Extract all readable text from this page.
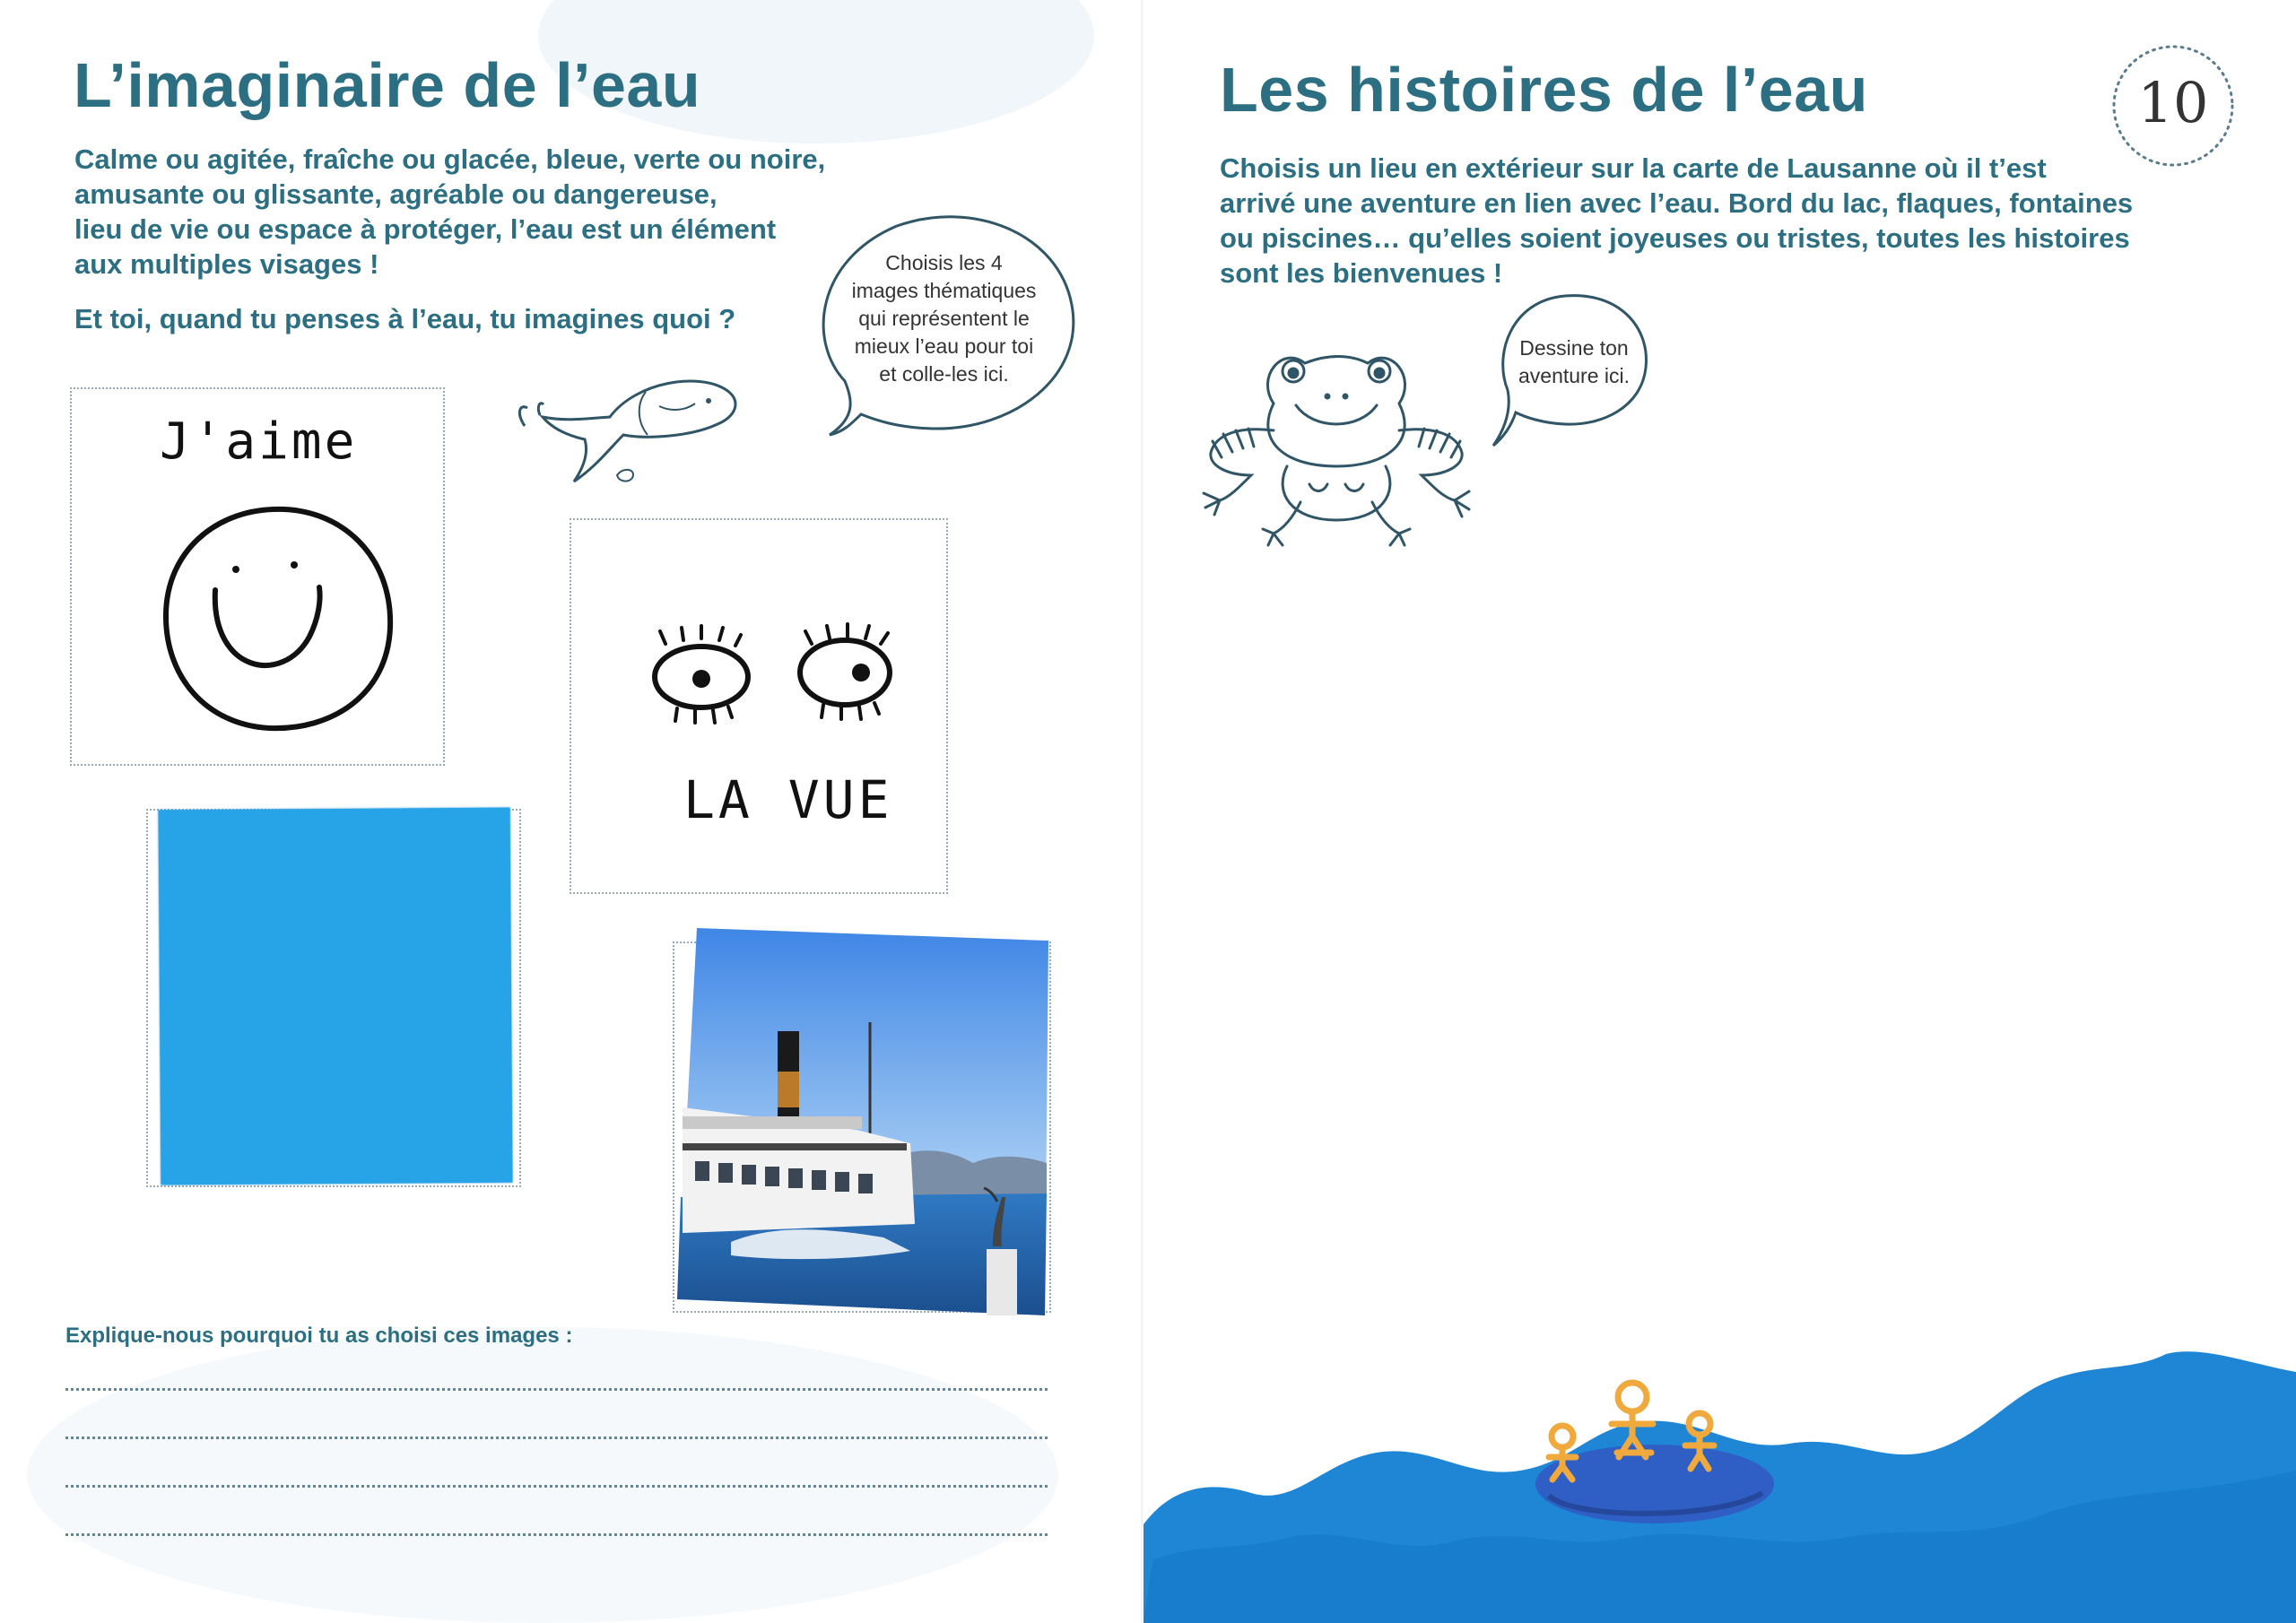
L’imaginaire de l’eau
Calme ou agitée, fraîche ou glacée, bleue, verte ou noire,
amusante ou glissante, agréable ou dangereuse,
lieu de vie ou espace à protéger, l’eau est un élément
aux multiples visages !
Et toi, quand tu penses à l’eau, tu imagines quoi ?
Choisis les 4
images thématiques
qui représentent le
mieux l’eau pour toi
et colle-les ici.
J'aime
LA VUE
Explique-nous pourquoi tu as choisi ces images :
Les histoires de l’eau	10
Choisis un lieu en extérieur sur la carte de Lausanne où il t’est
arrivé une aventure en lien avec l’eau. Bord du lac, flaques, fontaines
ou piscines… qu’elles soient joyeuses ou tristes, toutes les histoires
sont les bienvenues !
Dessine ton
aventure ici.
